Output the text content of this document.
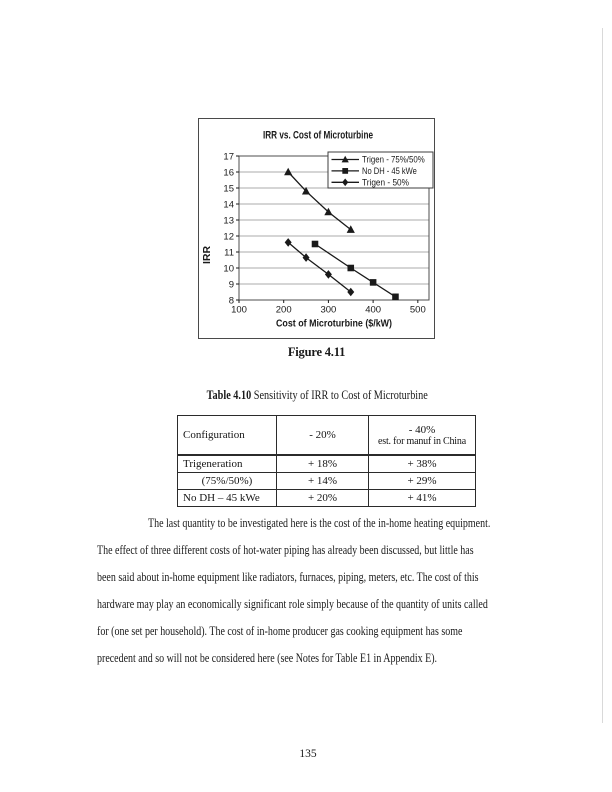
100	200	300	400	500
8
9
10
11
12
13
14
15
16
17
IRR vs. Cost of Microturbine
Cost of Microturbine ($/kW)
IRR
Trigen - 75%/50%
No DH - 45 kWe
Trigen - 50%
Figure 4.11
Table 4.10 Sensitivity of IRR to Cost of Microturbine
Configuration	- 20%	- 40%
est. for manuf in China

Trigeneration	+ 18%	+ 38%
(75%/50%)	+ 14%	+ 29%
No DH – 45 kWe	+ 20%	+ 41%
The last quantity to be investigated here is the cost of the in-home heating equipment.
The effect of three different costs of hot-water piping has already been discussed, but little has
been said about in-home equipment like radiators, furnaces, piping, meters, etc. The cost of this
hardware may play an economically significant role simply because of the quantity of units called
for (one set per household). The cost of in-home producer gas cooking equipment has some
precedent and so will not be considered here (see Notes for Table E1 in Appendix E).
135
